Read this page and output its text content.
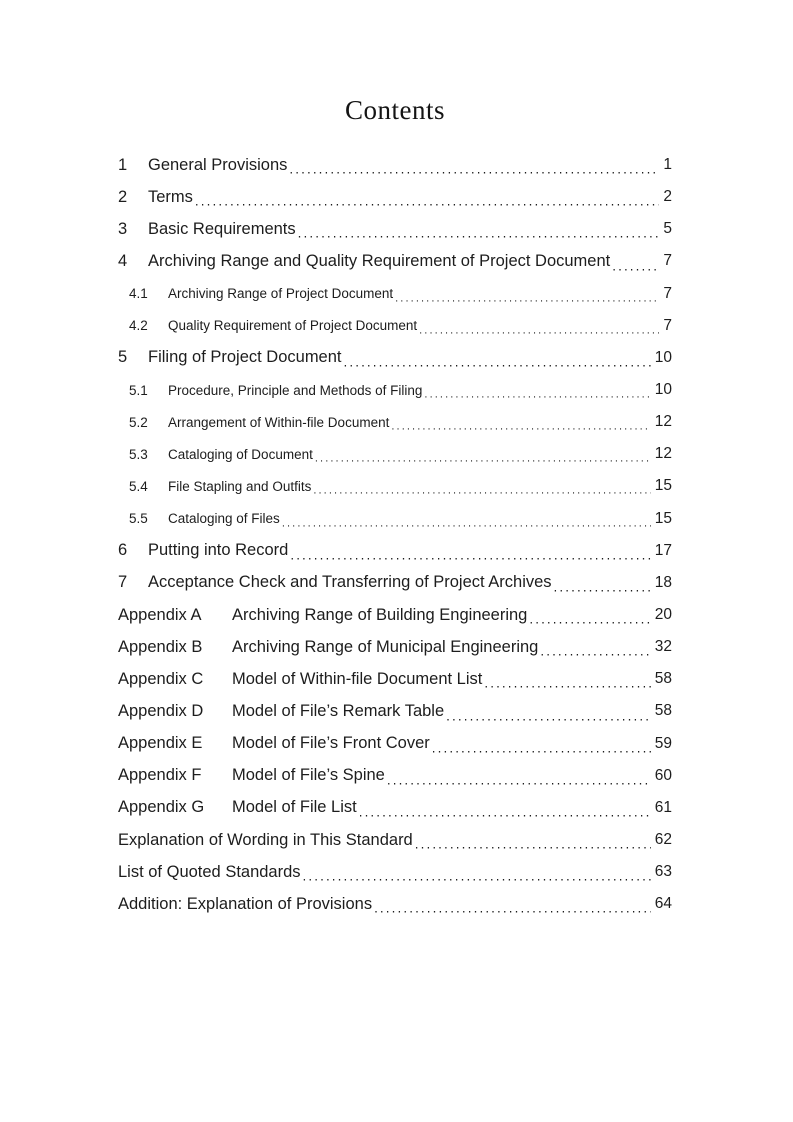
Contents
1	General Provisions .....	1
2	Terms .....	2
3	Basic Requirements .....	5
4	Archiving Range and Quality Requirement of Project Document .....	7
4.1	Archiving Range of Project Document .....	7
4.2	Quality Requirement of Project Document .....	7
5	Filing of Project Document .....	10
5.1	Procedure, Principle and Methods of Filing .....	10
5.2	Arrangement of Within-file Document .....	12
5.3	Cataloging of Document .....	12
5.4	File Stapling and Outfits .....	15
5.5	Cataloging of Files .....	15
6	Putting into Record .....	17
7	Acceptance Check and Transferring of Project Archives .....	18
Appendix A	Archiving Range of Building Engineering .....	20
Appendix B	Archiving Range of Municipal Engineering .....	32
Appendix C	Model of Within-file Document List .....	58
Appendix D	Model of File’s Remark Table .....	58
Appendix E	Model of File’s Front Cover .....	59
Appendix F	Model of File’s Spine .....	60
Appendix G	Model of File List .....	61
Explanation of Wording in This Standard .....	62
List of Quoted Standards .....	63
Addition: Explanation of Provisions .....	64
